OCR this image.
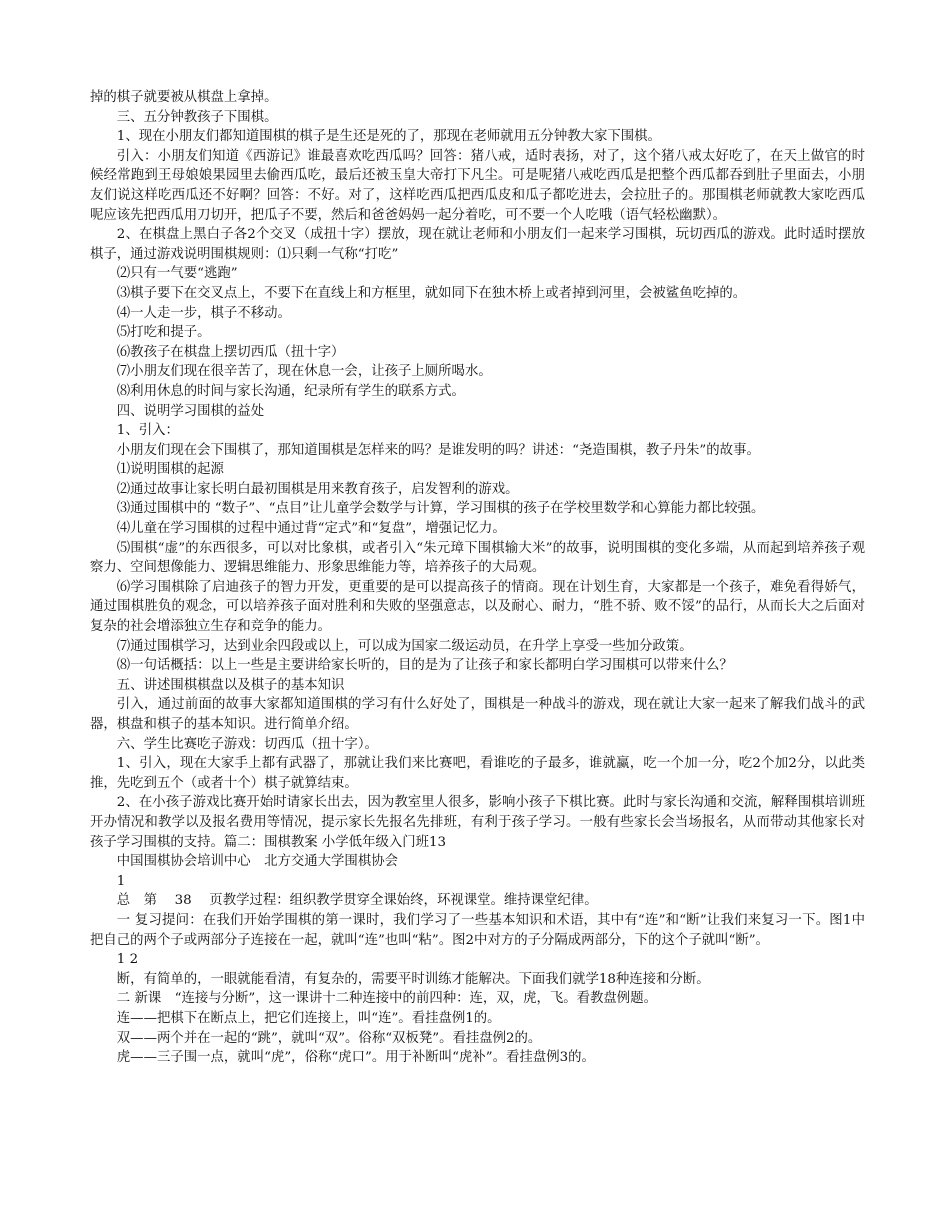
掉的棋子就要被从棋盘上拿掉。

三、五分钟教孩子下围棋。

1、现在小朋友们都知道围棋的棋子是生还是死的了，那现在老师就用五分钟教大家下围棋。

引入：小朋友们知道《西游记》谁最喜欢吃西瓜吗？回答：猪八戒，适时表扬，对了，这个猪八戒太好吃了，在天上做官的时候经常跑到王母娘娘果园里去偷西瓜吃，最后还被玉皇大帝打下凡尘。可是呢猪八戒吃西瓜是把整个西瓜都吞到肚子里面去，小朋友们说这样吃西瓜还不好啊？回答：不好。对了，这样吃西瓜把西瓜皮和瓜子都吃进去，会拉肚子的。那围棋老师就教大家吃西瓜呢应该先把西瓜用刀切开，把瓜子不要，然后和爸爸妈妈一起分着吃，可不要一个人吃哦（语气轻松幽默）。

2、在棋盘上黑白子各2个交叉（成扭十字）摆放，现在就让老师和小朋友们一起来学习围棋，玩切西瓜的游戏。此时适时摆放棋子，通过游戏说明围棋规则：⑴只剩一气称“打吃”

⑵只有一气要“逃跑”

⑶棋子要下在交叉点上，不要下在直线上和方框里，就如同下在独木桥上或者掉到河里，会被鲨鱼吃掉的。

⑷一人走一步，棋子不移动。

⑸打吃和提子。

⑹教孩子在棋盘上摆切西瓜（扭十字）

⑺小朋友们现在很辛苦了，现在休息一会，让孩子上厕所喝水。

⑻利用休息的时间与家长沟通，纪录所有学生的联系方式。

四、说明学习围棋的益处

1、引入：

小朋友们现在会下围棋了，那知道围棋是怎样来的吗？是谁发明的吗？讲述：“尧造围棋，教子丹朱”的故事。

⑴说明围棋的起源

⑵通过故事让家长明白最初围棋是用来教育孩子，启发智利的游戏。

⑶通过围棋中的 “数子”、“点目”让儿童学会数学与计算，学习围棋的孩子在学校里数学和心算能力都比较强。

⑷儿童在学习围棋的过程中通过背“定式”和“复盘”，增强记忆力。

⑸围棋“虚”的东西很多，可以对比象棋，或者引入“朱元璋下围棋输大米”的故事，说明围棋的变化多端，从而起到培养孩子观察力、空间想像能力、逻辑思维能力、形象思维能力等，培养孩子的大局观。

⑹学习围棋除了启迪孩子的智力开发，更重要的是可以提高孩子的情商。现在计划生育，大家都是一个孩子，难免看得娇气，通过围棋胜负的观念，可以培养孩子面对胜利和失败的坚强意志，以及耐心、耐力，“胜不骄、败不馁”的品行，从而长大之后面对复杂的社会增添独立生存和竞争的能力。

⑺通过围棋学习，达到业余四段或以上，可以成为国家二级运动员，在升学上享受一些加分政策。

⑻一句话概括：以上一些是主要讲给家长听的，目的是为了让孩子和家长都明白学习围棋可以带来什么？

五、讲述围棋棋盘以及棋子的基本知识

引入，通过前面的故事大家都知道围棋的学习有什么好处了，围棋是一种战斗的游戏，现在就让大家一起来了解我们战斗的武器，棋盘和棋子的基本知识。进行简单介绍。

六、学生比赛吃子游戏：切西瓜（扭十字）。

1、引入，现在大家手上都有武器了，那就让我们来比赛吧，看谁吃的子最多，谁就赢，吃一个加一分，吃2个加2分，以此类推，先吃到五个（或者十个）棋子就算结束。

2、在小孩子游戏比赛开始时请家长出去，因为教室里人很多，影响小孩子下棋比赛。此时与家长沟通和交流，解释围棋培训班开办情况和教学以及报名费用等情况，提示家长先报名先排班，有利于孩子学习。一般有些家长会当场报名，从而带动其他家长对孩子学习围棋的支持。篇二：围棋教案 小学低年级入门班13

中国围棋协会培训中心　北方交通大学围棋协会

1

总　第　 38　 页教学过程：组织教学贯穿全课始终，环视课堂。维持课堂纪律。

一 复习提问：在我们开始学围棋的第一课时，我们学习了一些基本知识和术语，其中有“连”和“断”让我们来复习一下。图1中把自己的两个子或两部分子连接在一起，就叫“连”也叫“粘”。图2中对方的子分隔成两部分，下的这个子就叫“断”。

1 2

断，有简单的，一眼就能看清，有复杂的，需要平时训练才能解决。下面我们就学18种连接和分断。

二 新课　“连接与分断”，这一课讲十二种连接中的前四种：连，双，虎，飞。看教盘例题。

连——把棋下在断点上，把它们连接上，叫“连”。看挂盘例1的。

双——两个并在一起的“跳”，就叫“双”。俗称“双板凳”。看挂盘例2的。

虎——三子围一点，就叫“虎”，俗称“虎口”。用于补断叫“虎补”。看挂盘例3的。
